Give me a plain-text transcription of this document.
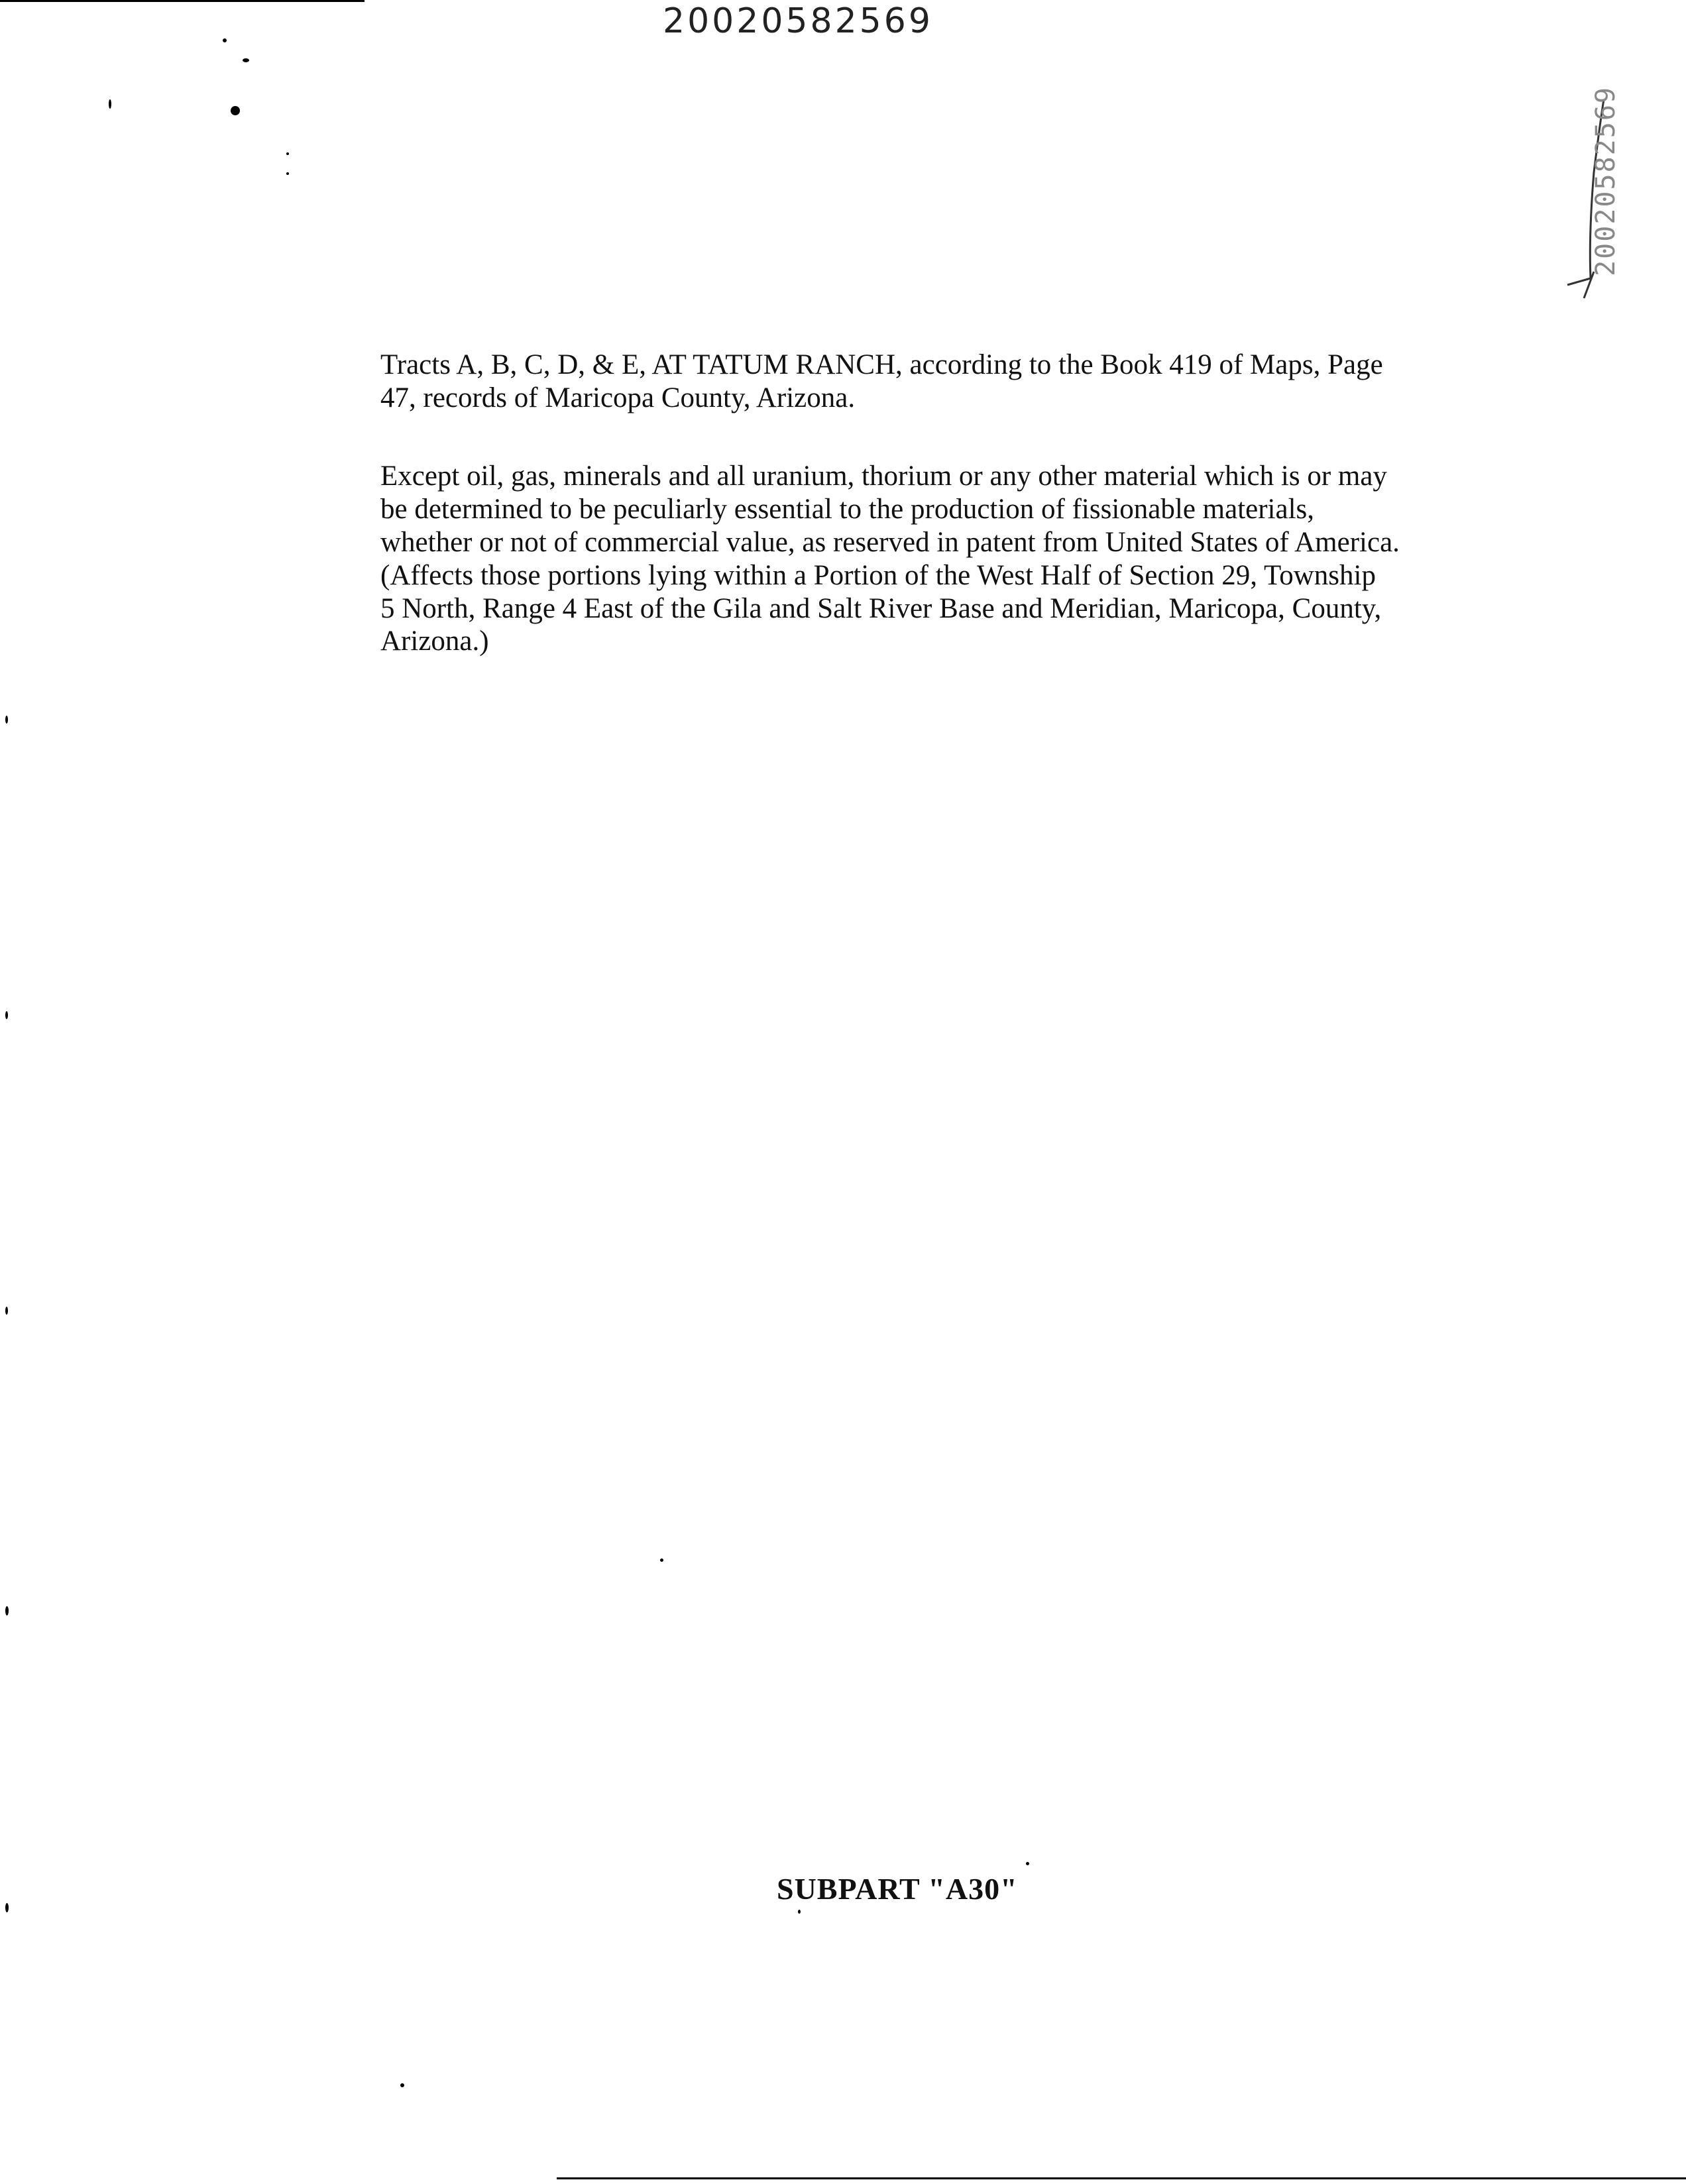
20020582569
20020582569
Tracts A, B, C, D, & E, AT TATUM RANCH, according to the Book 419 of Maps, Page
47, records of Maricopa County, Arizona.
Except oil, gas, minerals and all uranium, thorium or any other material which is or may
be determined to be peculiarly essential to the production of fissionable materials,
whether or not of commercial value, as reserved in patent from United States of America.
(Affects those portions lying within a Portion of the West Half of Section 29, Township
5 North, Range 4 East of the Gila and Salt River Base and Meridian, Maricopa, County,
Arizona.)
SUBPART "A30"
